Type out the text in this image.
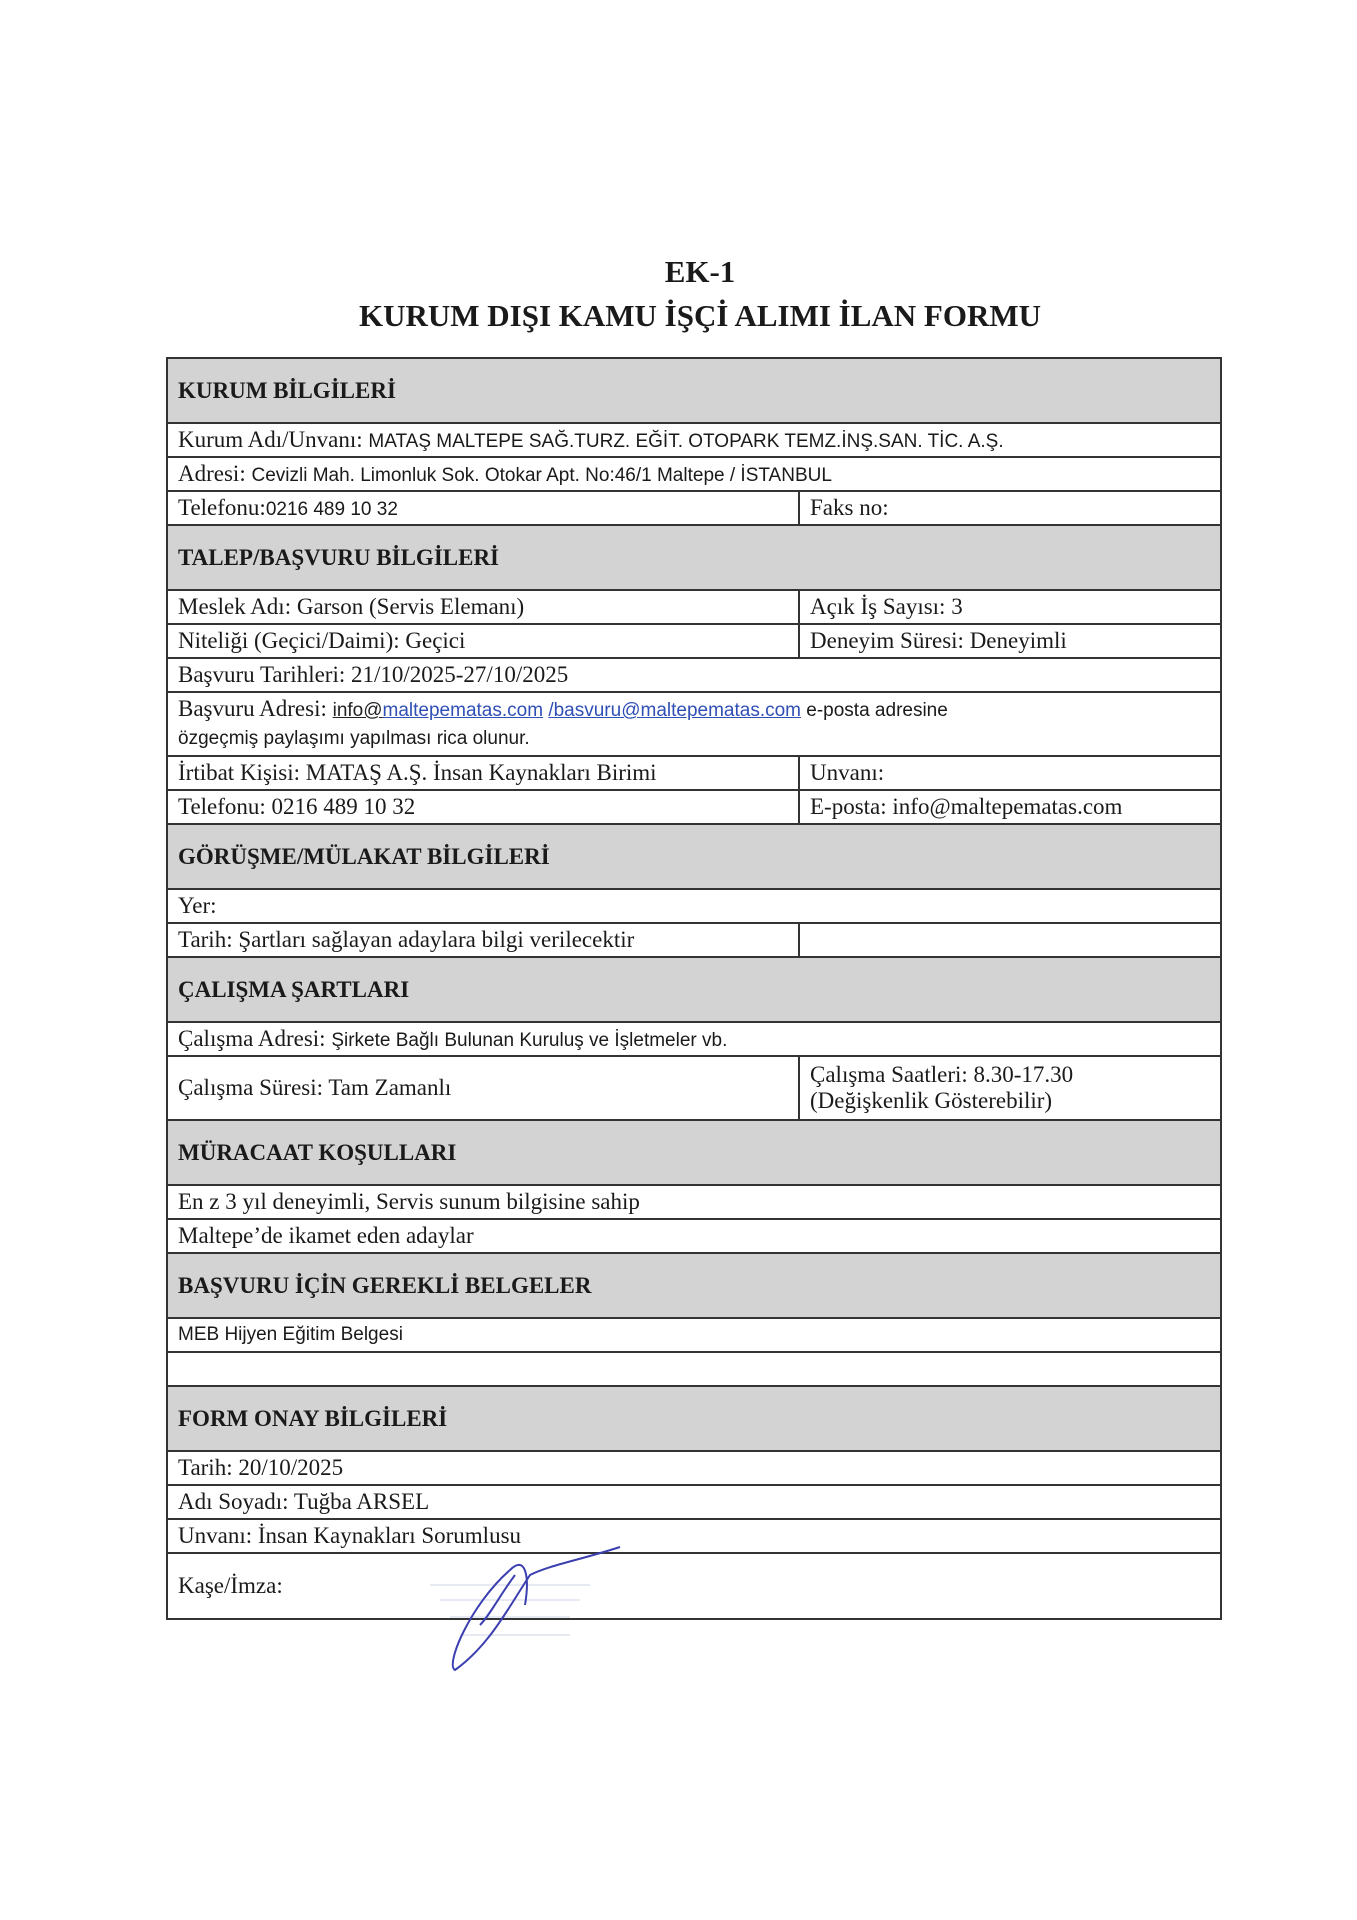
EK-1
KURUM DIŞI KAMU İŞÇİ ALIMI İLAN FORMU
KURUM BİLGİLERİ	
Kurum Adı/Unvanı: MATAŞ MALTEPE SAĞ.TURZ. EĞİT. OTOPARK TEMZ.İNŞ.SAN. TİC. A.Ş.	
Adresi: Cevizli Mah. Limonluk Sok. Otokar Apt. No:46/1 Maltepe / İSTANBUL	
Telefonu:0216 489 10 32	Faks no:
TALEP/BAŞVURU BİLGİLERİ	
Meslek Adı: Garson (Servis Elemanı)	Açık İş Sayısı: 3
Niteliği (Geçici/Daimi): Geçici	Deneyim Süresi: Deneyimli
Başvuru Tarihleri: 21/10/2025-27/10/2025	
Başvuru Adresi: info@maltepematas.com /basvuru@maltepematas.com e-posta adresine
özgeçmiş paylaşımı yapılması rica olunur.	
İrtibat Kişisi: MATAŞ A.Ş. İnsan Kaynakları Birimi	Unvanı:
Telefonu: 0216 489 10 32	E-posta: info@maltepematas.com
GÖRÜŞME/MÜLAKAT BİLGİLERİ	
Yer:	
Tarih: Şartları sağlayan adaylara bilgi verilecektir	
ÇALIŞMA ŞARTLARI	
Çalışma Adresi: Şirkete Bağlı Bulunan Kuruluş ve İşletmeler vb.	
Çalışma Süresi: Tam Zamanlı	Çalışma Saatleri: 8.30-17.30
(Değişkenlik Gösterebilir)
MÜRACAAT KOŞULLARI	
En z 3 yıl deneyimli, Servis sunum bilgisine sahip	
Maltepe’de ikamet eden adaylar	
BAŞVURU İÇİN GEREKLİ BELGELER	
MEB Hijyen Eğitim Belgesi	

FORM ONAY BİLGİLERİ	
Tarih: 20/10/2025	
Adı Soyadı: Tuğba ARSEL	
Unvanı: İnsan Kaynakları Sorumlusu	
Kaşe/İmza:	
